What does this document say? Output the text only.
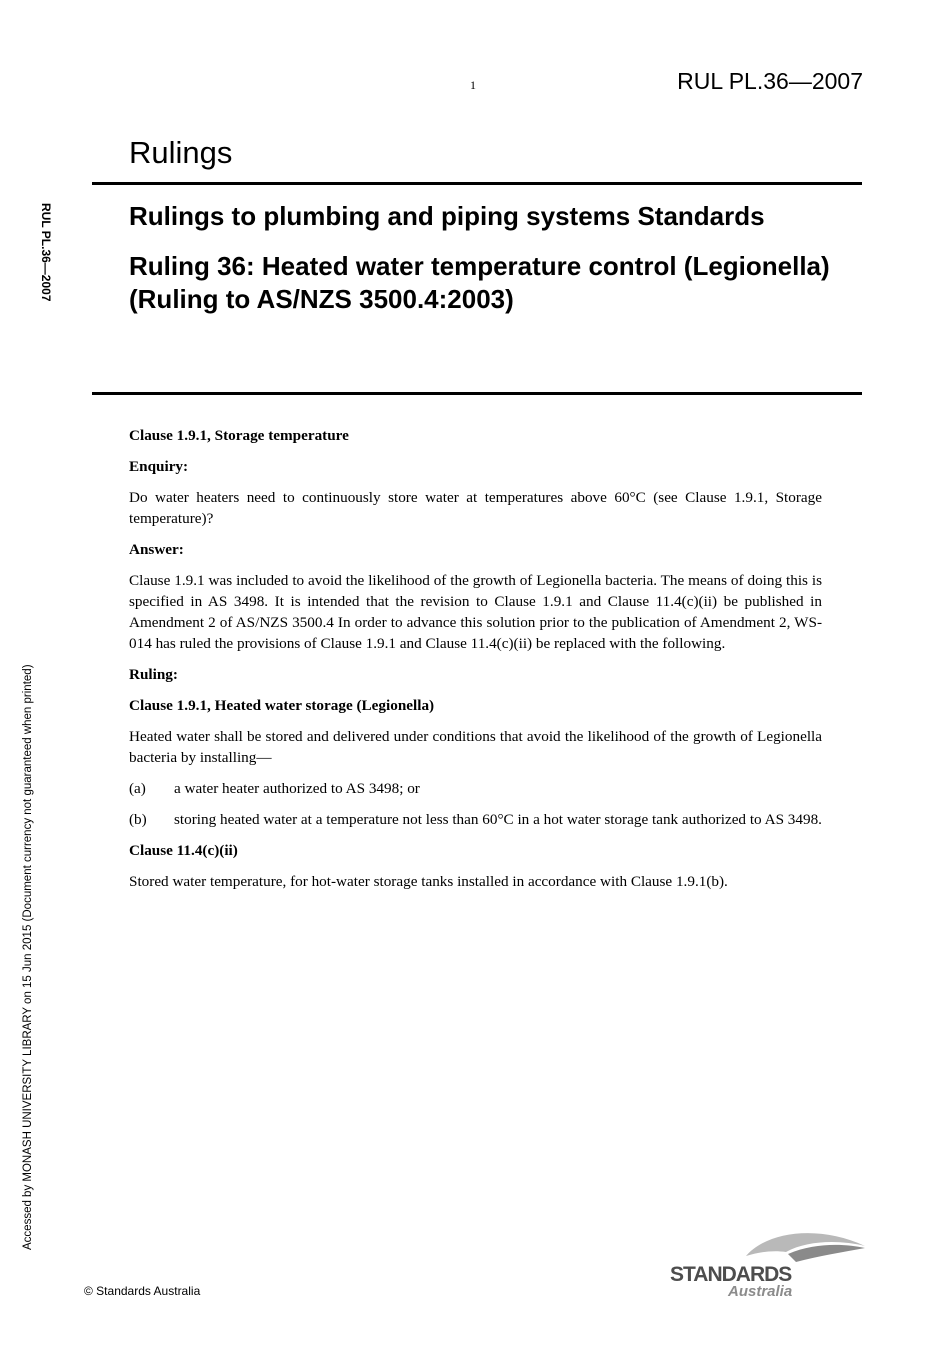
1	RUL PL.36—2007
Rulings
RUL PL.36—2007
Accessed by MONASH UNIVERSITY LIBRARY on 15 Jun 2015 (Document currency not guaranteed when printed)

Rulings to plumbing and piping systems Standards

Ruling 36: Heated water temperature control (Legionella)

(Ruling to AS/NZS 3500.4:2003)

Clause 1.9.1, Storage temperature

Enquiry:

Do water heaters need to continuously store water at temperatures above 60°C (see Clause 1.9.1, Storage temperature)?

Answer:

Clause 1.9.1 was included to avoid the likelihood of the growth of Legionella bacteria. The means of doing this is specified in AS 3498. It is intended that the revision to Clause 1.9.1 and Clause 11.4(c)(ii) be published in Amendment 2 of AS/NZS 3500.4 In order to advance this solution prior to the publication of Amendment 2, WS-014 has ruled the provisions of Clause 1.9.1 and Clause 11.4(c)(ii) be replaced with the following.

Ruling:

Clause 1.9.1, Heated water storage (Legionella)

Heated water shall be stored and delivered under conditions that avoid the likelihood of the growth of Legionella bacteria by installing—

(a)	a water heater authorized to AS 3498; or
(b)	storing heated water at a temperature not less than 60°C in a hot water storage tank authorized to AS 3498.

Clause 11.4(c)(ii)

Stored water temperature, for hot-water storage tanks installed in accordance with Clause 1.9.1(b).

© Standards Australia
STANDARDS
Australia
